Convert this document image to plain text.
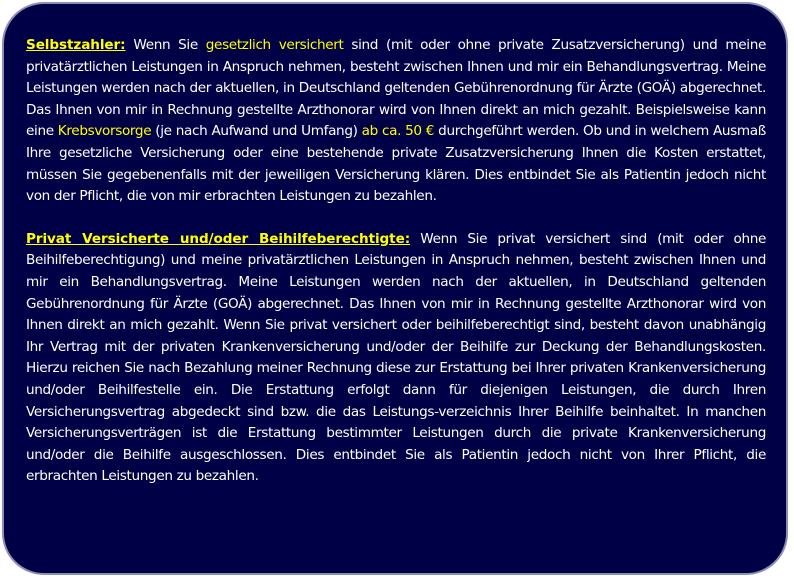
Selbstzahler: Wenn Sie gesetzlich versichert sind (mit oder ohne private Zusatzversicherung) und meine privatärztlichen Leistungen in Anspruch nehmen, besteht zwischen Ihnen und mir ein Behandlungsvertrag. Meine Leistungen werden nach der aktuellen, in Deutschland geltenden Gebührenordnung für Ärzte (GOÄ) abgerechnet. Das Ihnen von mir in Rechnung gestellte Arzthonorar wird von Ihnen direkt an mich gezahlt. Beispielsweise kann eine Krebsvorsorge (je nach Aufwand und Umfang) ab ca. 50 € durchgeführt werden. Ob und in welchem Ausmaß Ihre gesetzliche Versicherung oder eine bestehende private Zusatzversicherung Ihnen die Kosten erstattet, müssen Sie gegebenenfalls mit der jeweiligen Versicherung klären. Dies entbindet Sie als Patientin jedoch nicht von der Pflicht, die von mir erbrachten Leistungen zu bezahlen.

Privat Versicherte und/oder Beihilfeberechtigte: Wenn Sie privat versichert sind (mit oder ohne Beihilfeberechtigung) und meine privatärztlichen Leistungen in Anspruch nehmen, besteht zwischen Ihnen und mir ein Behandlungsvertrag. Meine Leistungen werden nach der aktuellen, in Deutschland geltenden Gebührenordnung für Ärzte (GOÄ) abgerechnet. Das Ihnen von mir in Rechnung gestellte Arzthonorar wird von Ihnen direkt an mich gezahlt. Wenn Sie privat versichert oder beihilfeberechtigt sind, besteht davon unabhängig Ihr Vertrag mit der privaten Krankenversicherung und/oder der Beihilfe zur Deckung der Behandlungskosten. Hierzu reichen Sie nach Bezahlung meiner Rechnung diese zur Erstattung bei Ihrer privaten Krankenversicherung und/oder Beihilfestelle ein. Die Erstattung erfolgt dann für diejenigen Leistungen, die durch Ihren Versicherungsvertrag abgedeckt sind bzw. die das Leistungs-verzeichnis Ihrer Beihilfe beinhaltet. In manchen Versicherungsverträgen ist die Erstattung bestimmter Leistungen durch die private Krankenversicherung und/oder die Beihilfe ausgeschlossen. Dies entbindet Sie als Patientin jedoch nicht von Ihrer Pflicht, die erbrachten Leistungen zu bezahlen.
